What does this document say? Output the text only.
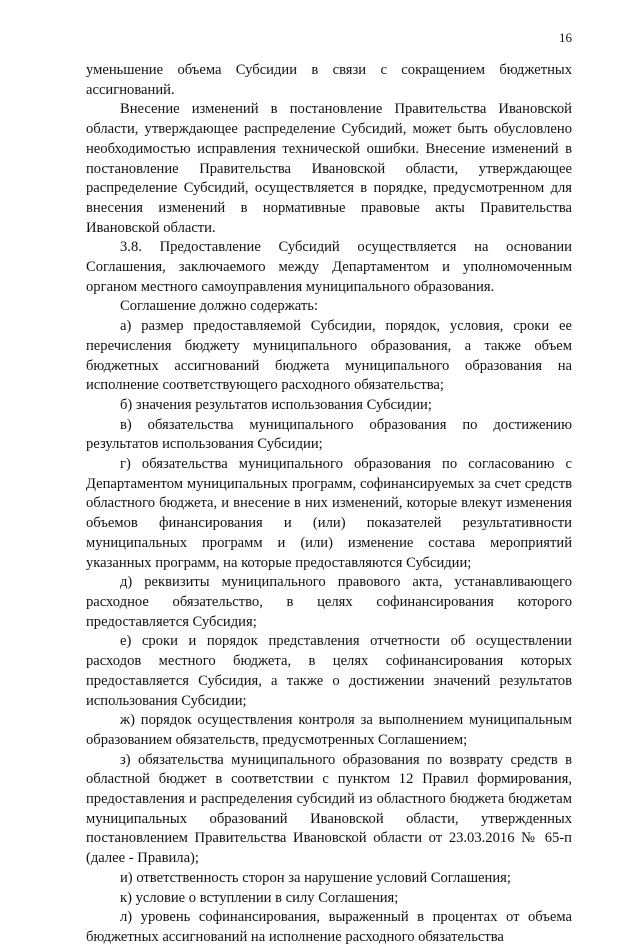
16

уменьшение объема Субсидии в связи с сокращением бюджетных ассигнований.

Внесение изменений в постановление Правительства Ивановской области, утверждающее распределение Субсидий, может быть обусловлено необходимостью исправления технической ошибки. Внесение изменений в постановление Правительства Ивановской области, утверждающее распределение Субсидий, осуществляется в порядке, предусмотренном для внесения изменений в нормативные правовые акты Правительства Ивановской области.

3.8. Предоставление Субсидий осуществляется на основании Соглашения, заключаемого между Департаментом и уполномоченным органом местного самоуправления муниципального образования.

Соглашение должно содержать:

а) размер предоставляемой Субсидии, порядок, условия, сроки ее перечисления бюджету муниципального образования, а также объем бюджетных ассигнований бюджета муниципального образования на исполнение соответствующего расходного обязательства;

б) значения результатов использования Субсидии;

в) обязательства муниципального образования по достижению результатов использования Субсидии;

г) обязательства муниципального образования по согласованию с Департаментом муниципальных программ, софинансируемых за счет средств областного бюджета, и внесение в них изменений, которые влекут изменения объемов финансирования и (или) показателей результативности муниципальных программ и (или) изменение состава мероприятий указанных программ, на которые предоставляются Субсидии;

д) реквизиты муниципального правового акта, устанавливающего расходное обязательство, в целях софинансирования которого предоставляется Субсидия;

е) сроки и порядок представления отчетности об осуществлении расходов местного бюджета, в целях софинансирования которых предоставляется Субсидия, а также о достижении значений результатов использования Субсидии;

ж) порядок осуществления контроля за выполнением муниципальным образованием обязательств, предусмотренных Соглашением;

з) обязательства муниципального образования по возврату средств в областной бюджет в соответствии с пунктом 12 Правил формирования, предоставления и распределения субсидий из областного бюджета бюджетам муниципальных образований Ивановской области, утвержденных постановлением Правительства Ивановской области от 23.03.2016 № 65-п (далее - Правила);

и) ответственность сторон за нарушение условий Соглашения;

к) условие о вступлении в силу Соглашения;

л) уровень софинансирования, выраженный в процентах от объема бюджетных ассигнований на исполнение расходного обязательства
